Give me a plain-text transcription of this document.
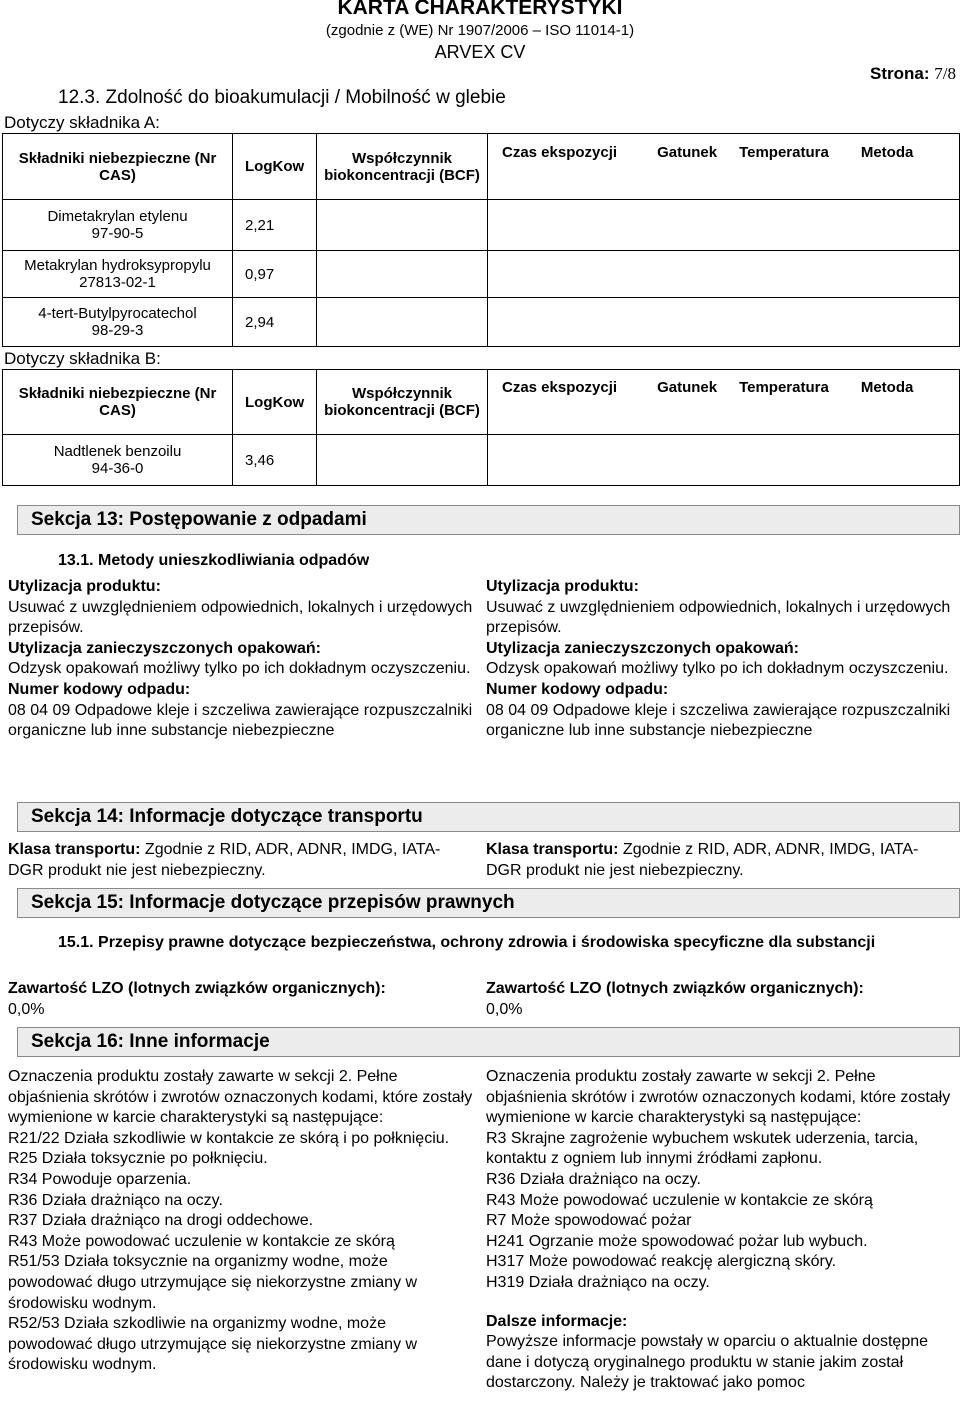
KARTA CHARAKTERYSTYKI
(zgodnie z (WE) Nr 1907/2006 – ISO 11014-1)
ARVEX CV
Strona: 7/8
12.3. Zdolność do bioakumulacji / Mobilność w glebie
Dotyczy składnika A:
Składniki niebezpieczne (Nr CAS)	LogKow	Współczynnik biokoncentracji (BCF)	Czas ekspozycji Gatunek Temperatura Metoda

Dimetakrylan etylenu
97-90-5	2,21		

Metakrylan hydroksypropylu
27813-02-1	0,97		

4-tert-Butylpyrocatechol
98-29-3	2,94		
Dotyczy składnika B:
Składniki niebezpieczne (Nr CAS)	LogKow	Współczynnik biokoncentracji (BCF)	Czas ekspozycji Gatunek Temperatura Metoda

Nadtlenek benzoilu
94-36-0	3,46		
Sekcja 13: Postępowanie z odpadami
13.1. Metody unieszkodliwiania odpadów
Utylizacja produktu:

Usuwać z uwzględnieniem odpowiednich, lokalnych i urzędowych przepisów.

Utylizacja zanieczyszczonych opakowań:

Odzysk opakowań możliwy tylko po ich dokładnym oczyszczeniu.

Numer kodowy odpadu:

08 04 09 Odpadowe kleje i szczeliwa zawierające rozpuszczalniki organiczne lub inne substancje niebezpieczne

Utylizacja produktu:

Usuwać z uwzględnieniem odpowiednich, lokalnych i urzędowych przepisów.

Utylizacja zanieczyszczonych opakowań:

Odzysk opakowań możliwy tylko po ich dokładnym oczyszczeniu.

Numer kodowy odpadu:

08 04 09 Odpadowe kleje i szczeliwa zawierające rozpuszczalniki organiczne lub inne substancje niebezpieczne

Sekcja 14: Informacje dotyczące transportu

Klasa transportu: Zgodnie z RID, ADR, ADNR, IMDG, IATA-DGR produkt nie jest niebezpieczny.

Klasa transportu: Zgodnie z RID, ADR, ADNR, IMDG, IATA-DGR produkt nie jest niebezpieczny.

Sekcja 15: Informacje dotyczące przepisów prawnych
15.1. Przepisy prawne dotyczące bezpieczeństwa, ochrony zdrowia i środowiska specyficzne dla substancji
Zawartość LZO (lotnych związków organicznych):

0,0%

Zawartość LZO (lotnych związków organicznych):

0,0%

Sekcja 16: Inne informacje

Oznaczenia produktu zostały zawarte w sekcji 2. Pełne objaśnienia skrótów i zwrotów oznaczonych kodami, które zostały wymienione w karcie charakterystyki są następujące:

R21/22 Działa szkodliwie w kontakcie ze skórą i po połknięciu.

R25 Działa toksycznie po połknięciu.

R34 Powoduje oparzenia.

R36 Działa drażniąco na oczy.

R37 Działa drażniąco na drogi oddechowe.

R43 Może powodować uczulenie w kontakcie ze skórą

R51/53 Działa toksycznie na organizmy wodne, może powodować długo utrzymujące się niekorzystne zmiany w środowisku wodnym.

R52/53 Działa szkodliwie na organizmy wodne, może powodować długo utrzymujące się niekorzystne zmiany w środowisku wodnym.

Oznaczenia produktu zostały zawarte w sekcji 2. Pełne objaśnienia skrótów i zwrotów oznaczonych kodami, które zostały wymienione w karcie charakterystyki są następujące:

R3 Skrajne zagrożenie wybuchem wskutek uderzenia, tarcia, kontaktu z ogniem lub innymi źródłami zapłonu.

R36 Działa drażniąco na oczy.

R43 Może powodować uczulenie w kontakcie ze skórą

R7 Może spowodować pożar

H241 Ogrzanie może spowodować pożar lub wybuch.

H317 Może powodować reakcję alergiczną skóry.

H319 Działa drażniąco na oczy.

Dalsze informacje:

Powyższe informacje powstały w oparciu o aktualnie dostępne dane i dotyczą oryginalnego produktu w stanie jakim został dostarczony. Należy je traktować jako pomoc
